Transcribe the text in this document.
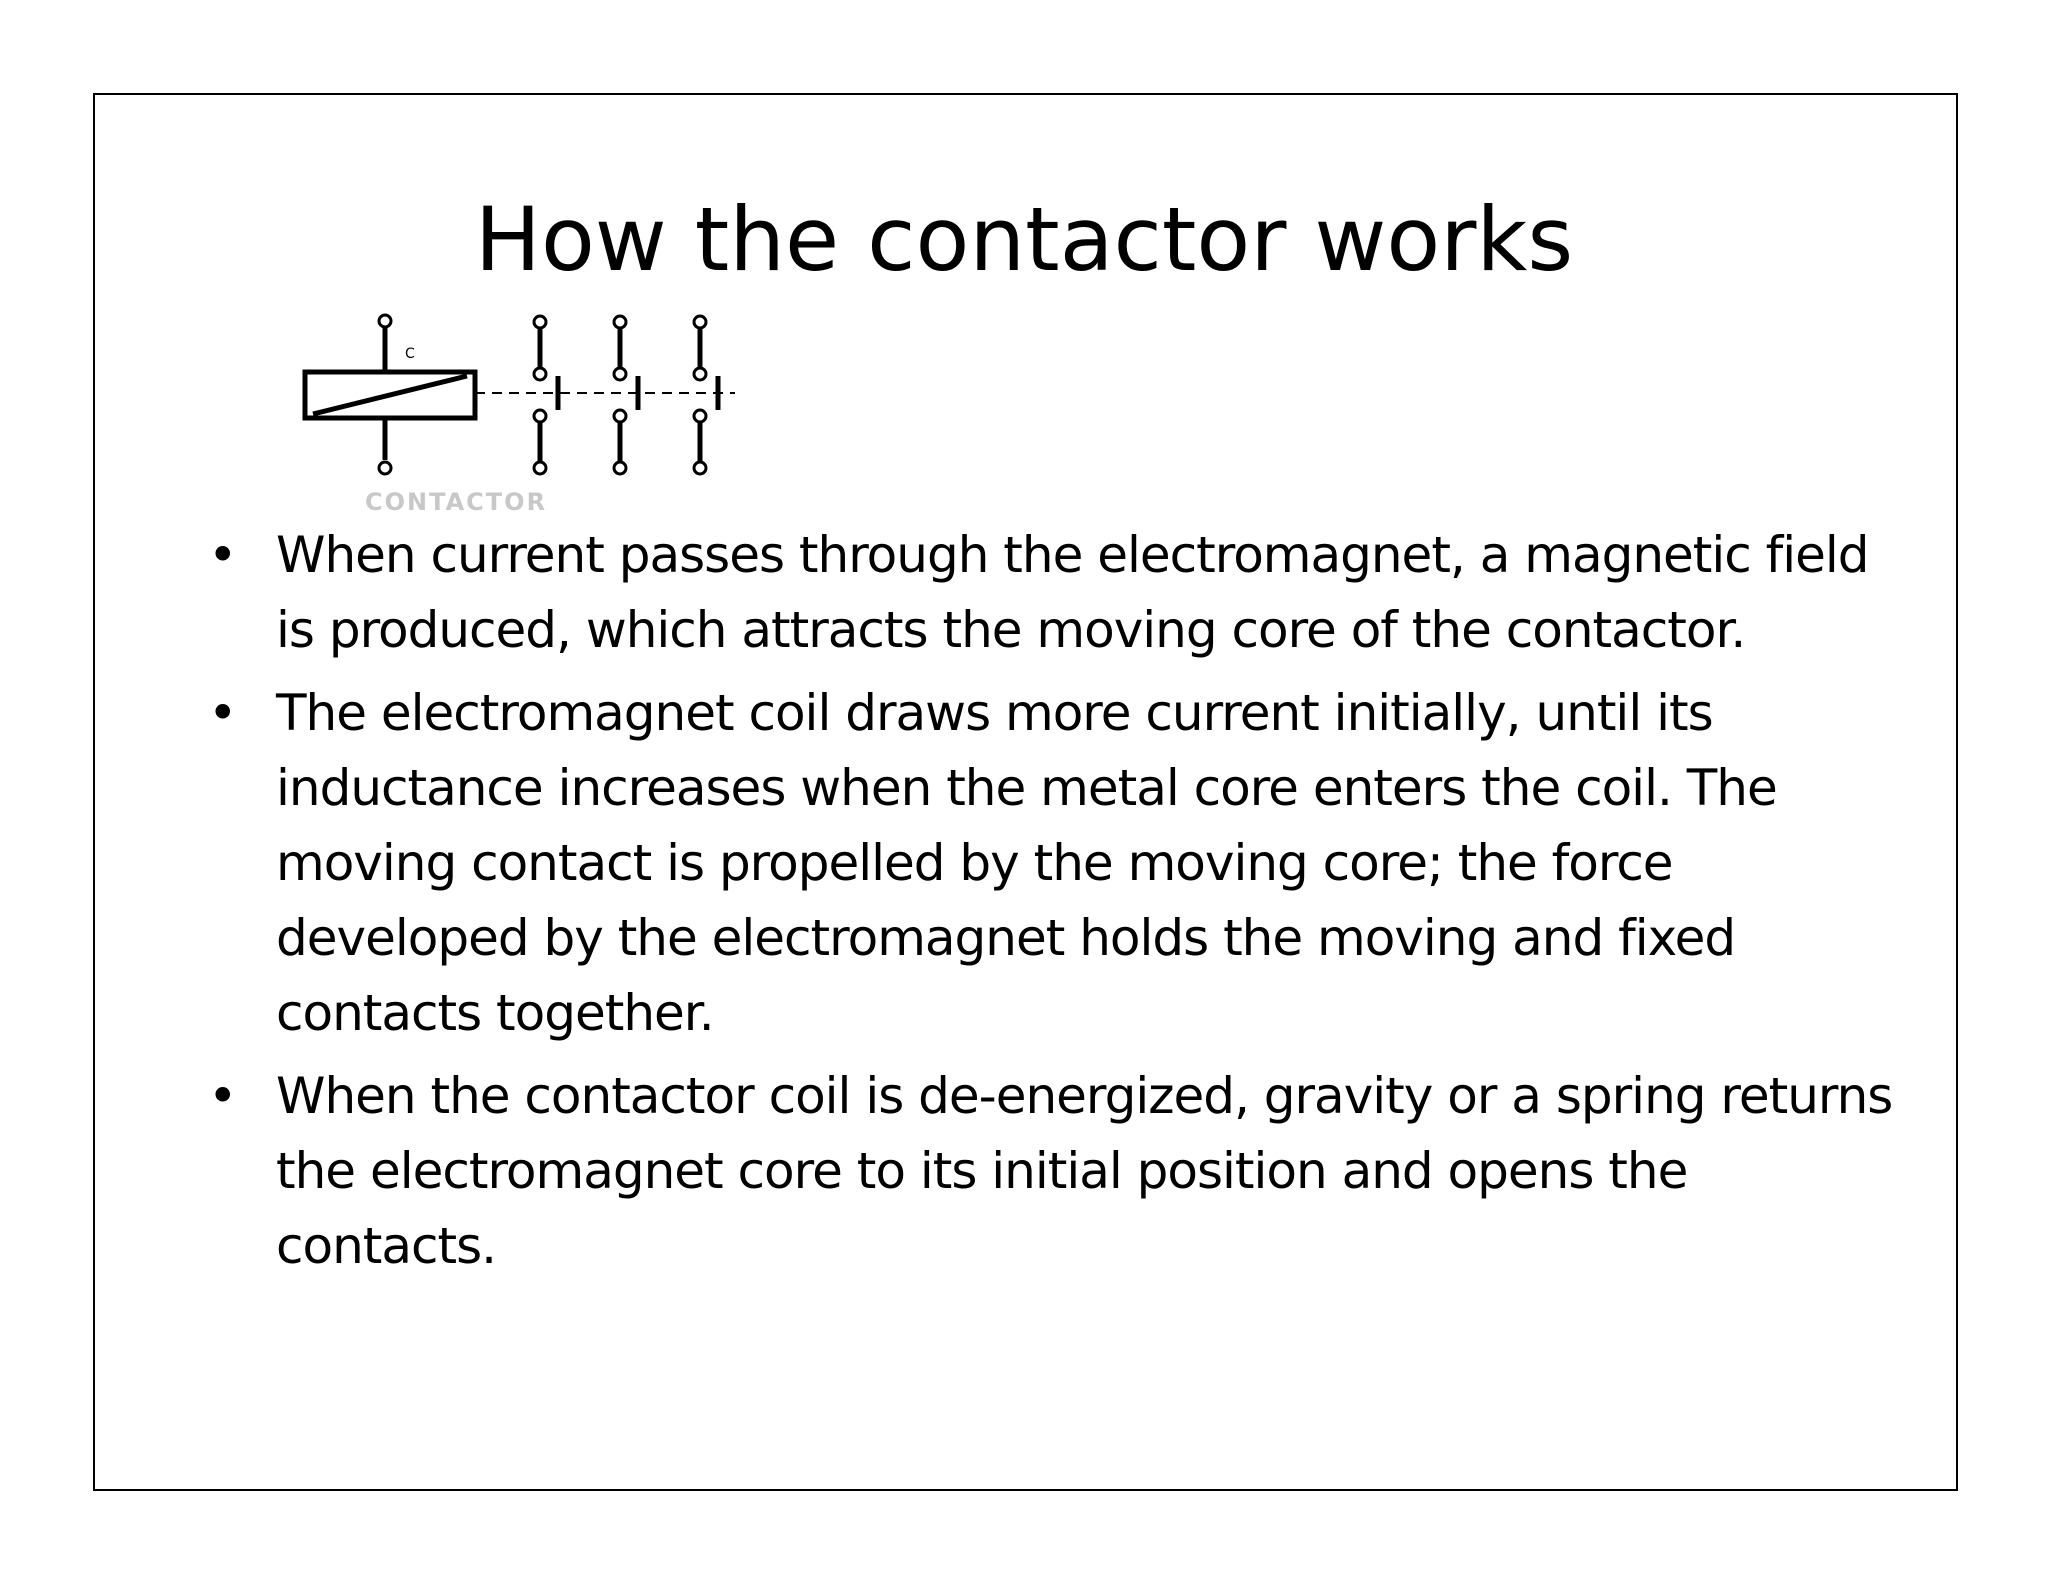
How the contactor works
C
CONTACTOR
• When current passes through the electromagnet, a magnetic field is produced, which attracts the moving core of the contactor.
• The electromagnet coil draws more current initially, until its inductance increases when the metal core enters the coil. The moving contact is propelled by the moving core; the force developed by the electromagnet holds the moving and fixed contacts together.
• When the contactor coil is de-energized, gravity or a spring returns the electromagnet core to its initial position and opens the contacts.
